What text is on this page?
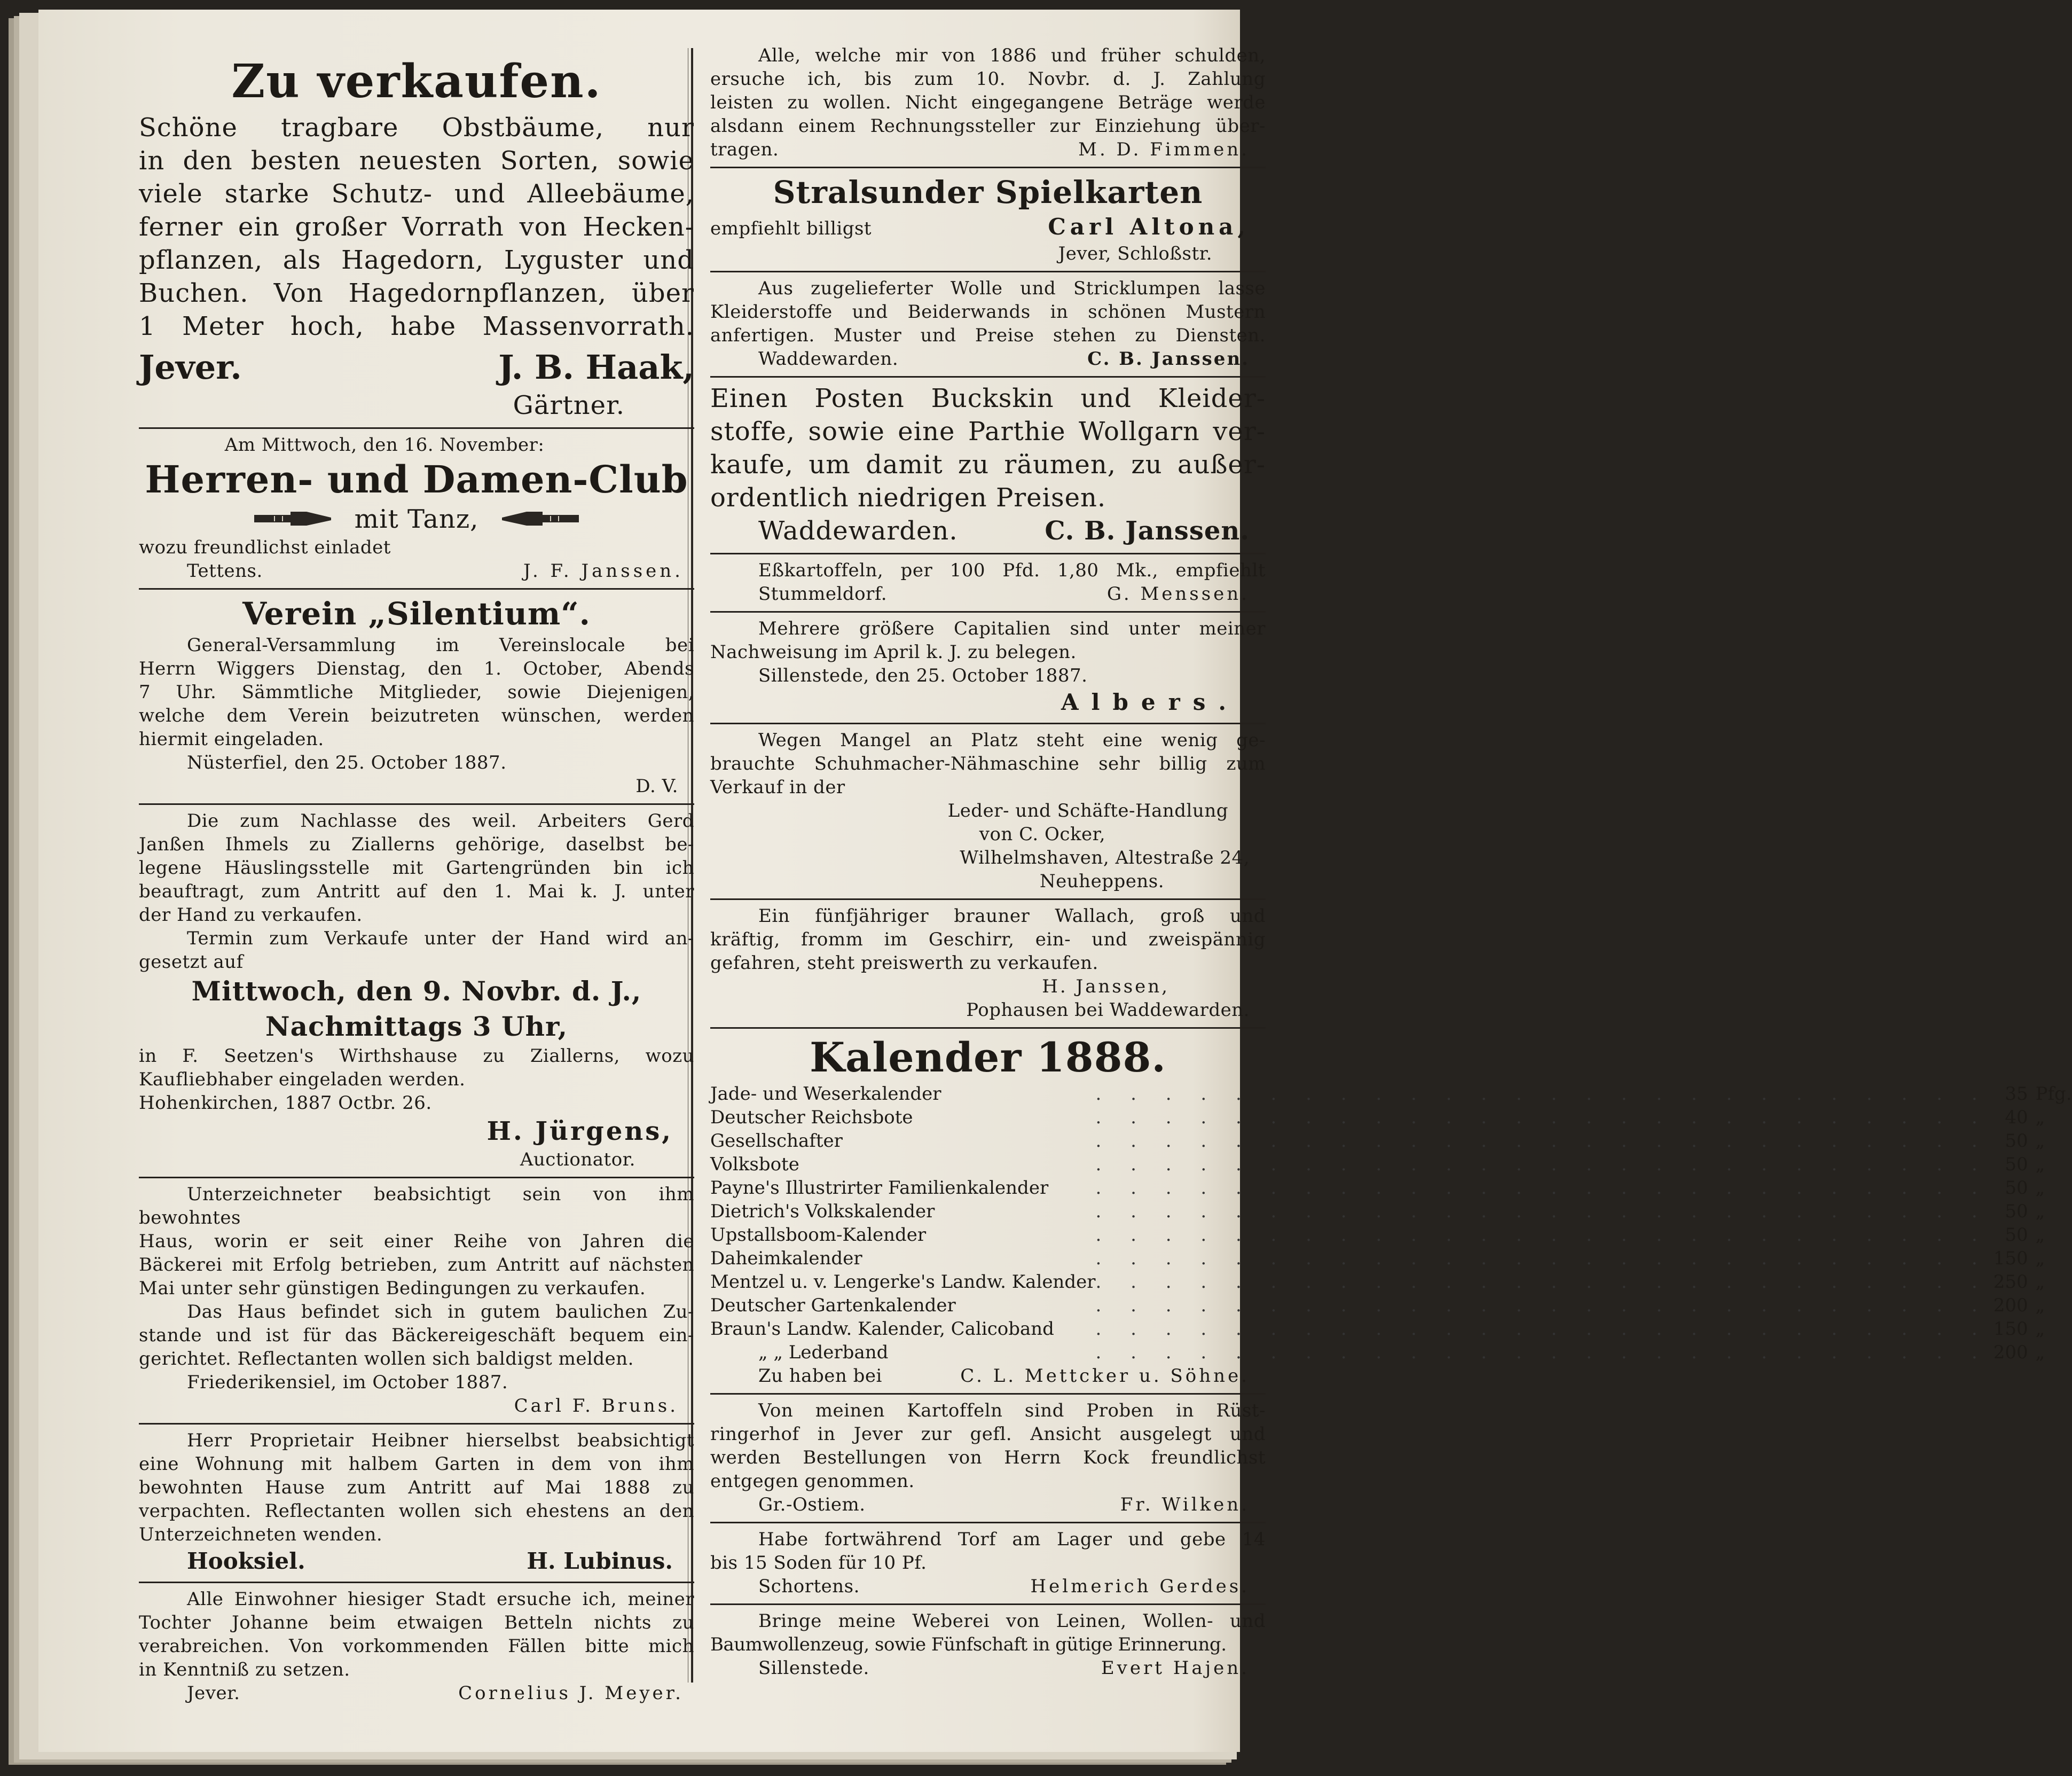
Zu verkaufen.

Schöne tragbare Obstbäume, nur

in den besten neuesten Sorten, sowie

viele starke Schutz- und Alleebäume,

ferner ein großer Vorrath von Hecken-

pflanzen, als Hagedorn, Lyguster und

Buchen. Von Hagedornpflanzen, über

1 Meter hoch, habe Massenvorrath.

Jever.	J. B. Haak,

Gärtner.

Am Mittwoch, den 16. November:

Herren- und Damen-Club

mit Tanz,

wozu freundlichst einladet

Tettens.	J. F. Janssen.

Verein „Silentium“.

General-Versammlung im Vereinslocale bei

Herrn Wiggers Dienstag, den 1. October, Abends

7 Uhr. Sämmtliche Mitglieder, sowie Diejenigen,

welche dem Verein beizutreten wünschen, werden

hiermit eingeladen.

Nüsterfiel, den 25. October 1887.

D. V.

Die zum Nachlasse des weil. Arbeiters Gerd

Janßen Ihmels zu Ziallerns gehörige, daselbst be-

legene Häuslingsstelle mit Gartengründen bin ich

beauftragt, zum Antritt auf den 1. Mai k. J. unter

der Hand zu verkaufen.

Termin zum Verkaufe unter der Hand wird an-

gesetzt auf

Mittwoch, den 9. Novbr. d. J.,

Nachmittags 3 Uhr,

in F. Seetzen's Wirthshause zu Ziallerns, wozu

Kaufliebhaber eingeladen werden.

Hohenkirchen, 1887 Octbr. 26.

H. Jürgens,

Auctionator.

Unterzeichneter beabsichtigt sein von ihm bewohntes

Haus, worin er seit einer Reihe von Jahren die

Bäckerei mit Erfolg betrieben, zum Antritt auf nächsten

Mai unter sehr günstigen Bedingungen zu verkaufen.

Das Haus befindet sich in gutem baulichen Zu-

stande und ist für das Bäckereigeschäft bequem ein-

gerichtet. Reflectanten wollen sich baldigst melden.

Friederikensiel, im October 1887.

Carl F. Bruns.

Herr Proprietair Heibner hierselbst beabsichtigt

eine Wohnung mit halbem Garten in dem von ihm

bewohnten Hause zum Antritt auf Mai 1888 zu

verpachten. Reflectanten wollen sich ehestens an den

Unterzeichneten wenden.

Hooksiel.	H. Lubinus.

Alle Einwohner hiesiger Stadt ersuche ich, meiner

Tochter Johanne beim etwaigen Betteln nichts zu

verabreichen. Von vorkommenden Fällen bitte mich

in Kenntniß zu setzen.

Jever.	Cornelius J. Meyer.

Alle, welche mir von 1886 und früher schulden,

ersuche ich, bis zum 10. Novbr. d. J. Zahlung

leisten zu wollen. Nicht eingegangene Beträge werde

alsdann einem Rechnungssteller zur Einziehung über-

tragen.	M. D. Fimmen.

Stralsunder Spielkarten

empfiehlt billigst	Carl Altona,

Jever, Schloßstr.

Aus zugelieferter Wolle und Stricklumpen lasse

Kleiderstoffe und Beiderwands in schönen Mustern

anfertigen. Muster und Preise stehen zu Diensten.

Waddewarden.	C. B. Janssen.

Einen Posten Buckskin und Kleider-

stoffe, sowie eine Parthie Wollgarn ver-

kaufe, um damit zu räumen, zu außer-

ordentlich niedrigen Preisen.

Waddewarden.	C. B. Janssen.

Eßkartoffeln, per 100 Pfd. 1,80 Mk., empfiehlt

Stummeldorf.	G. Menssen.

Mehrere größere Capitalien sind unter meiner

Nachweisung im April k. J. zu belegen.

Sillenstede, den 25. October 1887.

Albers.

Wegen Mangel an Platz steht eine wenig ge-

brauchte Schuhmacher-Nähmaschine sehr billig zum

Verkauf in der

Leder- und Schäfte-Handlung

von C. Ocker,

Wilhelmshaven, Altestraße 24,

Neuheppens.

Ein fünfjähriger brauner Wallach, groß und

kräftig, fromm im Geschirr, ein- und zweispännig

gefahren, steht preiswerth zu verkaufen.

H. Janssen,

Pophausen bei Waddewarden.

Kalender 1888.

Jade- und Weserkalender	. . . . . . . . . . . . . . . . . . . . . . . . . .	35	Pfg.
Deutscher Reichsbote	. . . . . . . . . . . . . . . . . . . . . . . . . .	40	„
Gesellschafter	. . . . . . . . . . . . . . . . . . . . . . . . . .	50	„
Volksbote	. . . . . . . . . . . . . . . . . . . . . . . . . .	50	„
Payne's Illustrirter Familienkalender	. . . . . . . . . . . . . . . . . . . . . . . . . .	50	„
Dietrich's Volkskalender	. . . . . . . . . . . . . . . . . . . . . . . . . .	50	„
Upstallsboom-Kalender	. . . . . . . . . . . . . . . . . . . . . . . . . .	50	„
Daheimkalender	. . . . . . . . . . . . . . . . . . . . . . . . . .	150	„
Mentzel u. v. Lengerke's Landw. Kalender	. . . . . . . . . . . . . . . . . . . . . . . . . .	250	„
Deutscher Gartenkalender	. . . . . . . . . . . . . . . . . . . . . . . . . .	200	„
Braun's Landw. Kalender, Calicoband	. . . . . . . . . . . . . . . . . . . . . . . . . .	150	„
„ „ Lederband	. . . . . . . . . . . . . . . . . . . . . . . . . .	200	„
Zu haben bei	C. L. Mettcker u. Söhne.

Von meinen Kartoffeln sind Proben in Rüst-

ringerhof in Jever zur gefl. Ansicht ausgelegt und

werden Bestellungen von Herrn Kock freundlichst

entgegen genommen.

Gr.-Ostiem.	Fr. Wilken.

Habe fortwährend Torf am Lager und gebe 14

bis 15 Soden für 10 Pf.

Schortens.	Helmerich Gerdes.

Bringe meine Weberei von Leinen, Wollen- und

Baumwollenzeug, sowie Fünfschaft in gütige Erinnerung.

Sillenstede.	Evert Hajen.
